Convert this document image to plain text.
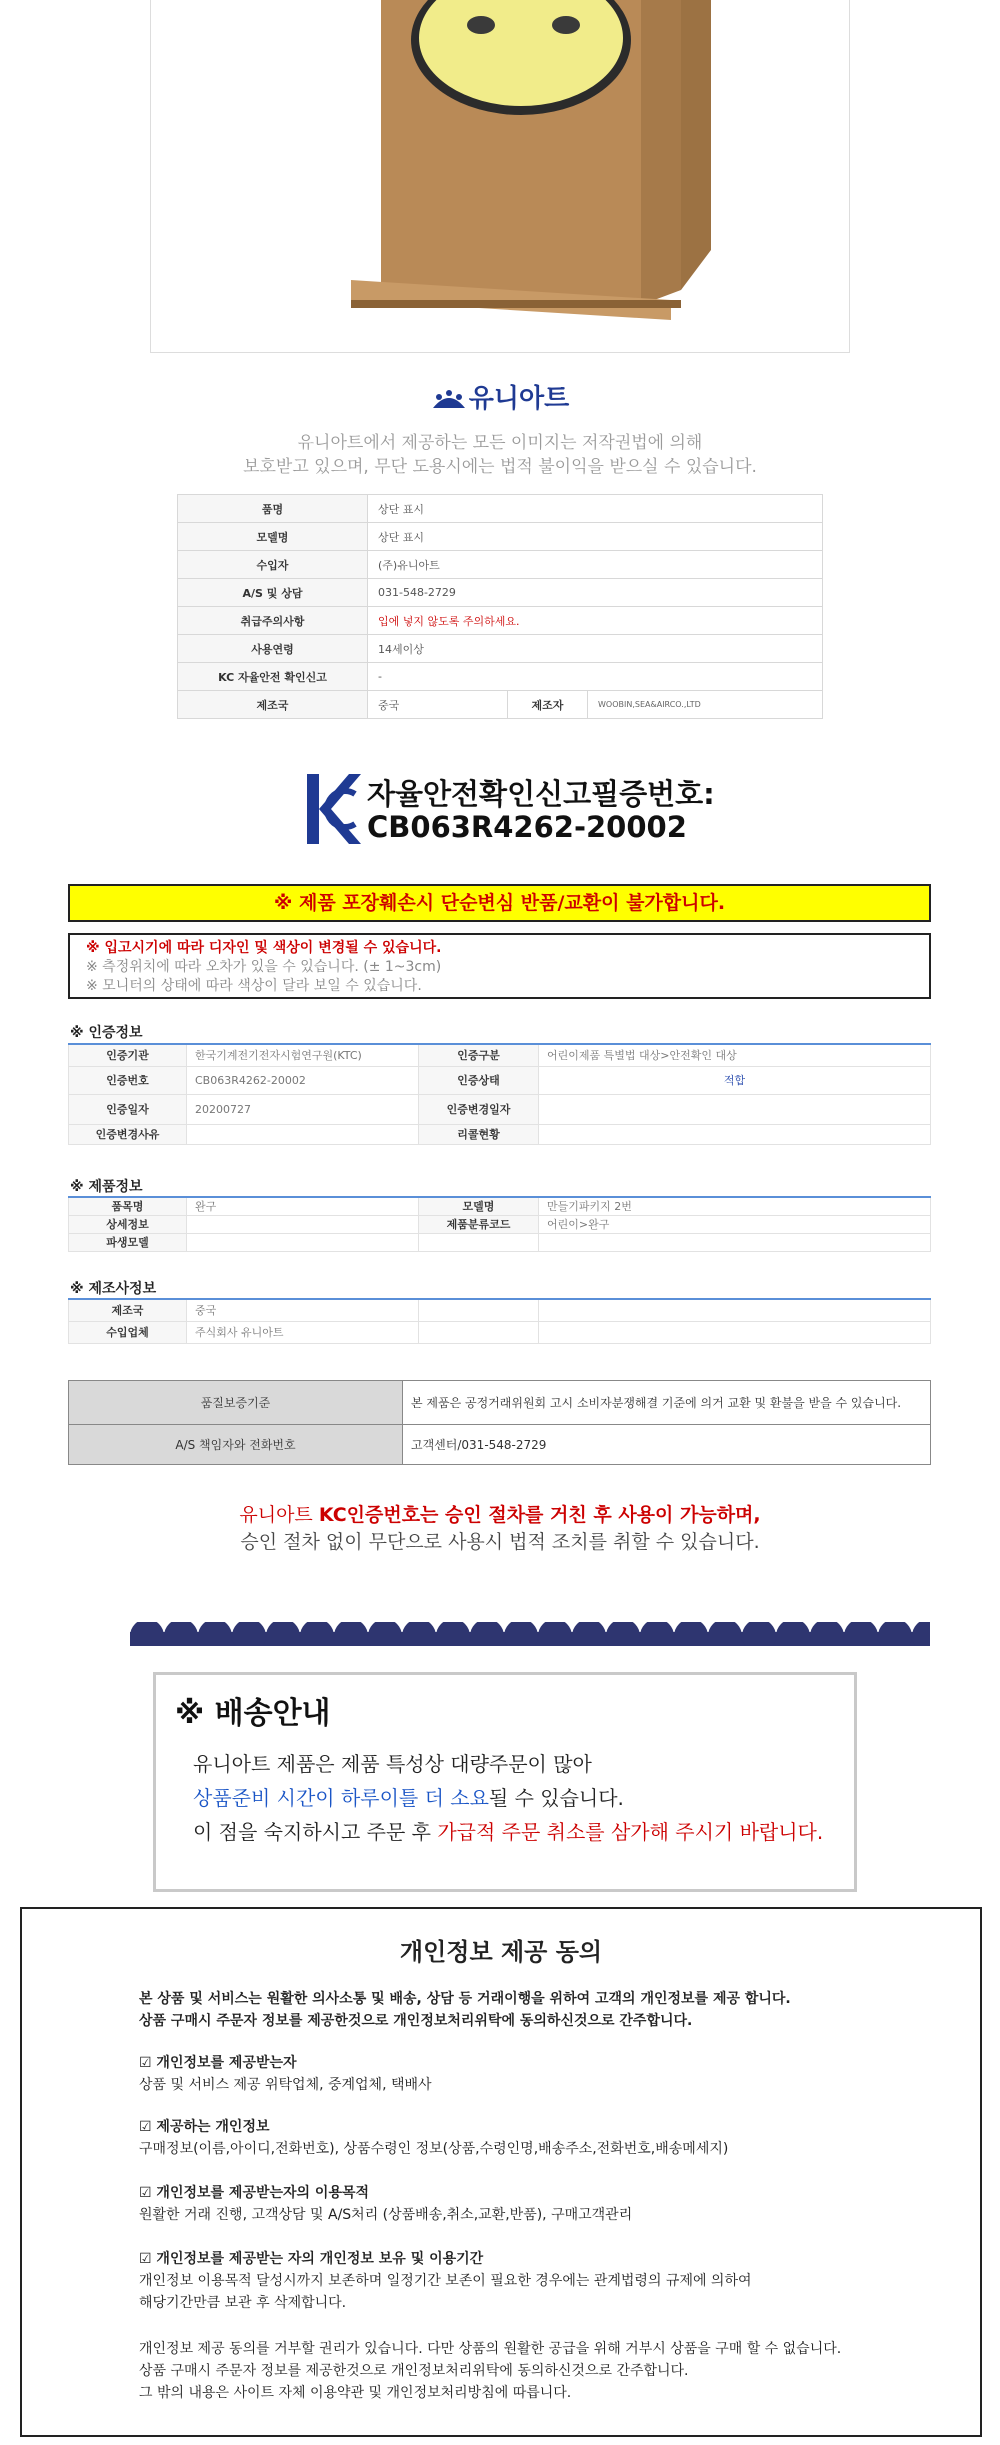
유니아트
유니아트에서 제공하는 모든 이미지는 저작권법에 의해
보호받고 있으며, 무단 도용시에는 법적 불이익을 받으실 수 있습니다.
품명	상단 표시		
모델명	상단 표시		
수입자	(주)유니아트		
A/S 및 상담	031-548-2729		
취급주의사항	입에 넣지 않도록 주의하세요.		
사용연령	14세이상		
KC 자율안전 확인신고	-		
제조국	중국	제조자	WOOBIN,SEA&AIRCO.,LTD
자율안전확인신고필증번호:
CB063R4262-20002
※ 제품 포장훼손시 단순변심 반품/교환이 불가합니다.
※ 입고시기에 따라 디자인 및 색상이 변경될 수 있습니다.
※ 측정위치에 따라 오차가 있을 수 있습니다. (± 1~3cm)
※ 모니터의 상태에 따라 색상이 달라 보일 수 있습니다.
※ 인증정보
인증기관	한국기계전기전자시험연구원(KTC)	인증구분	어린이제품 특별법 대상>안전확인 대상
인증번호	CB063R4262-20002	인증상태	적합
인증일자	20200727	인증변경일자	
인증변경사유		리콜현황	
※ 제품정보
품목명	완구	모델명	만들기파키지 2번
상세정보		제품분류코드	어린이>완구
파생모델			
※ 제조사정보
제조국	중국		
수입업체	주식회사 유니아트		
품질보증기준	본 제품은 공정거래위원회 고시 소비자분쟁해결 기준에 의거 교환 및 환불을 받을 수 있습니다.
A/S 책임자와 전화번호	고객센터/031-548-2729
유니아트 KC인증번호는 승인 절차를 거친 후 사용이 가능하며,
승인 절차 없이 무단으로 사용시 법적 조치를 취할 수 있습니다.
※ 배송안내
유니아트 제품은 제품 특성상 대량주문이 많아
상품준비 시간이 하루이틀 더 소요될 수 있습니다.
이 점을 숙지하시고 주문 후 가급적 주문 취소를 삼가해 주시기 바랍니다.
개인정보 제공 동의
본 상품 및 서비스는 원활한 의사소통 및 배송, 상담 등 거래이행을 위하여 고객의 개인정보를 제공 합니다.
상품 구매시 주문자 정보를 제공한것으로 개인정보처리위탁에 동의하신것으로 간주합니다.
☑ 개인정보를 제공받는자
상품 및 서비스 제공 위탁업체, 중계업체, 택배사
☑ 제공하는 개인정보
구매정보(이름,아이디,전화번호), 상품수령인 정보(상품,수령인명,배송주소,전화번호,배송메세지)
☑ 개인정보를 제공받는자의 이용목적
원활한 거래 진행, 고객상담 및 A/S처리 (상품배송,취소,교환,반품), 구매고객관리
☑ 개인정보를 제공받는 자의 개인정보 보유 및 이용기간
개인정보 이용목적 달성시까지 보존하며 일정기간 보존이 필요한 경우에는 관계법령의 규제에 의하여
해당기간만큼 보관 후 삭제합니다.
개인정보 제공 동의를 거부할 권리가 있습니다. 다만 상품의 원활한 공급을 위해 거부시 상품을 구매 할 수 없습니다.
상품 구매시 주문자 정보를 제공한것으로 개인정보처리위탁에 동의하신것으로 간주합니다.
그 밖의 내용은 사이트 자체 이용약관 및 개인정보처리방침에 따릅니다.
